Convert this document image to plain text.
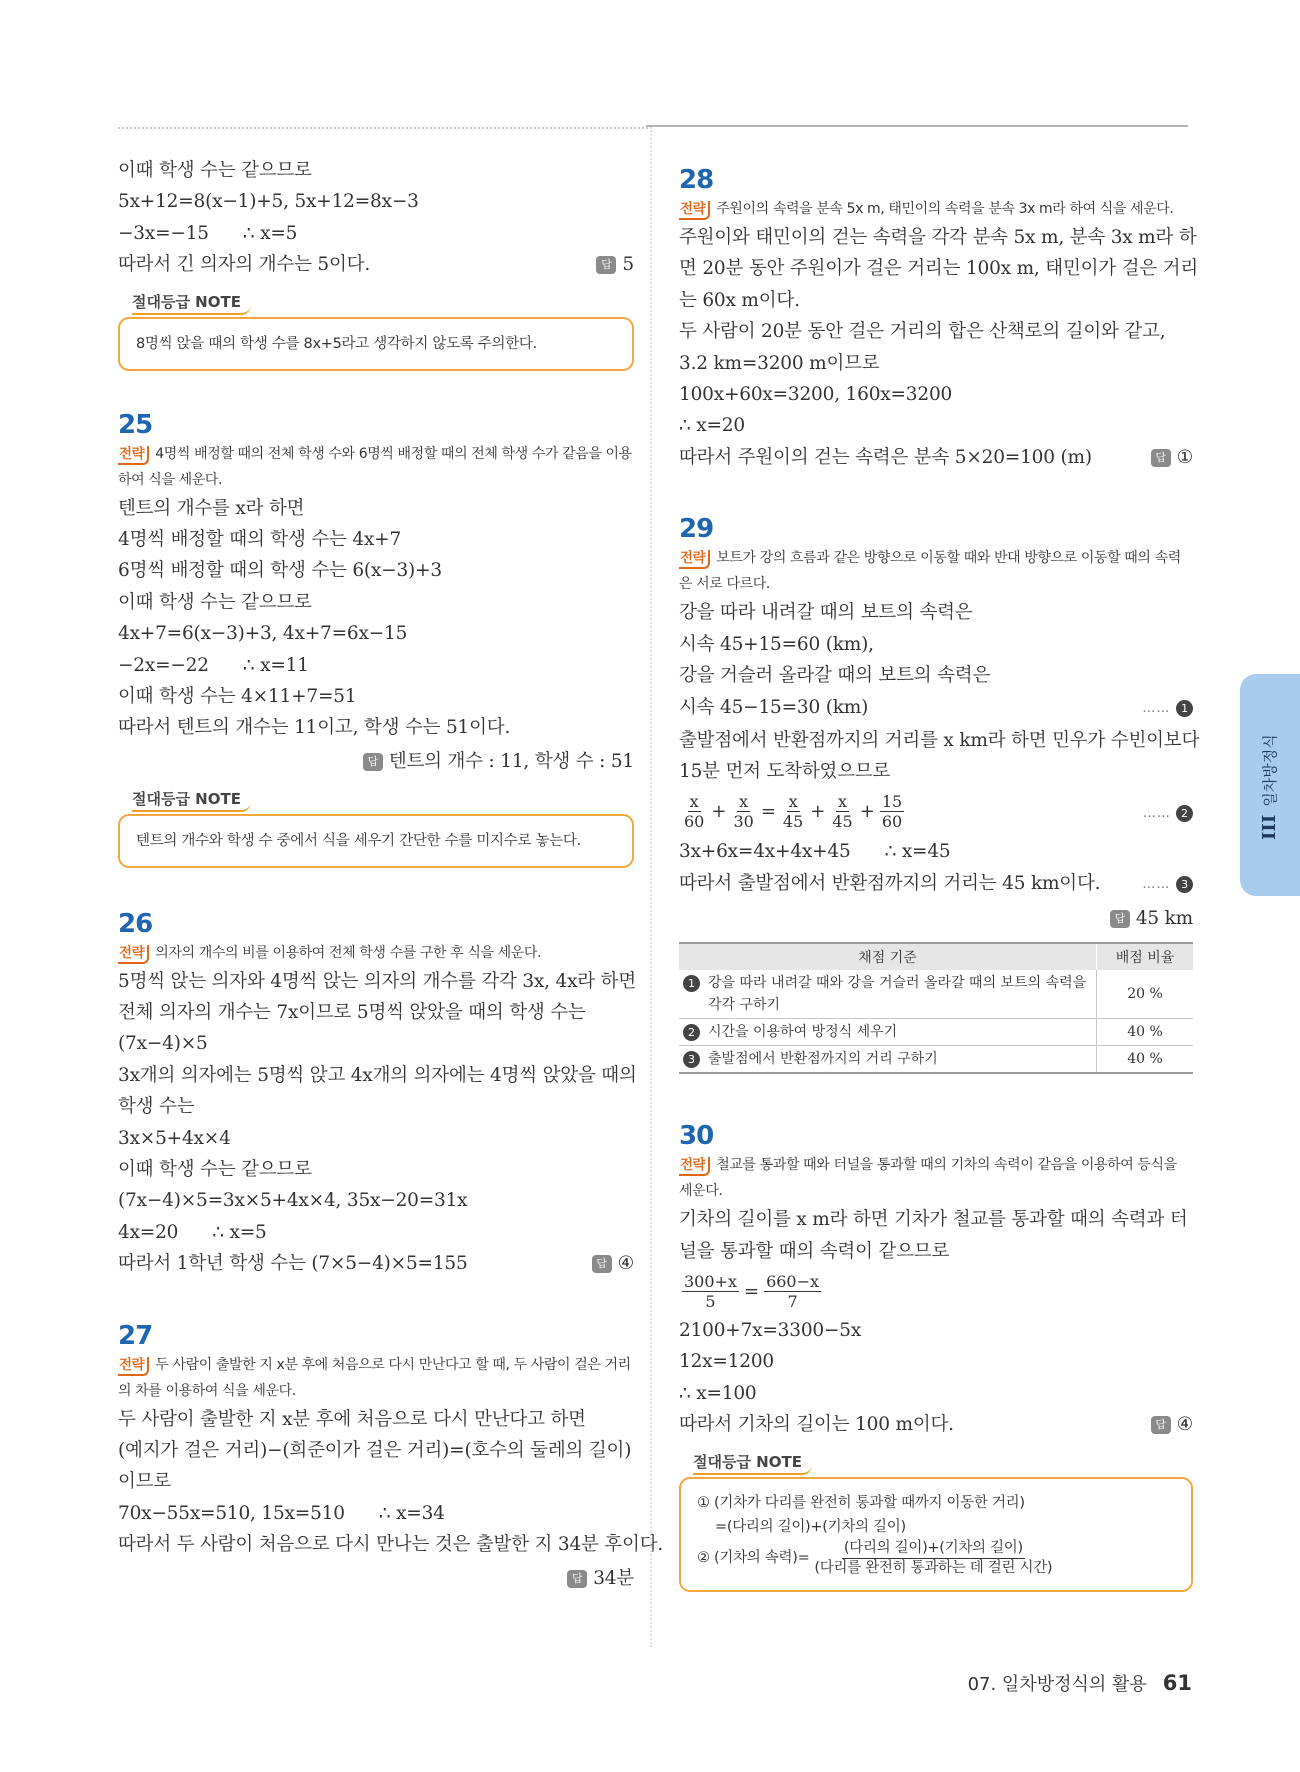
이때 학생 수는 같으므로
5x+12=8(x−1)+5, 5x+12=8x−3
−3x=−15 ∴ x=5
따라서 긴 의자의 개수는 5이다.	답 5
절대등급 NOTE
8명씩 앉을 때의 학생 수를 8x+5라고 생각하지 않도록 주의한다.
25
전략 4명씩 배정할 때의 전체 학생 수와 6명씩 배정할 때의 전체 학생 수가 같음을 이용하여 식을 세운다.
텐트의 개수를 x라 하면
4명씩 배정할 때의 학생 수는 4x+7
6명씩 배정할 때의 학생 수는 6(x−3)+3
이때 학생 수는 같으므로
4x+7=6(x−3)+3, 4x+7=6x−15
−2x=−22 ∴ x=11
이때 학생 수는 4×11+7=51
따라서 텐트의 개수는 11이고, 학생 수는 51이다.
답 텐트의 개수 : 11, 학생 수 : 51
절대등급 NOTE
텐트의 개수와 학생 수 중에서 식을 세우기 간단한 수를 미지수로 놓는다.
26
전략 의자의 개수의 비를 이용하여 전체 학생 수를 구한 후 식을 세운다.
5명씩 앉는 의자와 4명씩 앉는 의자의 개수를 각각 3x, 4x라 하면
전체 의자의 개수는 7x이므로 5명씩 앉았을 때의 학생 수는
(7x−4)×5
3x개의 의자에는 5명씩 앉고 4x개의 의자에는 4명씩 앉았을 때의
학생 수는
3x×5+4x×4
이때 학생 수는 같으므로
(7x−4)×5=3x×5+4x×4, 35x−20=31x
4x=20 ∴ x=5
따라서 1학년 학생 수는 (7×5−4)×5=155	답 ④
27
전략 두 사람이 출발한 지 x분 후에 처음으로 다시 만난다고 할 때, 두 사람이 걸은 거리의 차를 이용하여 식을 세운다.
두 사람이 출발한 지 x분 후에 처음으로 다시 만난다고 하면
(예지가 걸은 거리)−(희준이가 걸은 거리)=(호수의 둘레의 길이)
이므로
70x−55x=510, 15x=510 ∴ x=34
따라서 두 사람이 처음으로 다시 만나는 것은 출발한 지 34분 후이다.
답 34분
28
전략 주원이의 속력을 분속 5x m, 태민이의 속력을 분속 3x m라 하여 식을 세운다.
주원이와 태민이의 걷는 속력을 각각 분속 5x m, 분속 3x m라 하
면 20분 동안 주원이가 걸은 거리는 100x m, 태민이가 걸은 거리
는 60x m이다.
두 사람이 20분 동안 걸은 거리의 합은 산책로의 길이와 같고,
3.2 km=3200 m이므로
100x+60x=3200, 160x=3200
∴ x=20
따라서 주원이의 걷는 속력은 분속 5×20=100 (m)	답 ①
29
전략 보트가 강의 흐름과 같은 방향으로 이동할 때와 반대 방향으로 이동할 때의 속력은 서로 다르다.
강을 따라 내려갈 때의 보트의 속력은
시속 45+15=60 (km),
강을 거슬러 올라갈 때의 보트의 속력은
시속 45−15=30 (km)	…… 1
출발점에서 반환점까지의 거리를 x km라 하면 민우가 수빈이보다
15분 먼저 도착하였으므로
$\frac{x}{60} + \frac{x}{30} = \frac{x}{45} + \frac{x}{45} + \frac{15}{60}$	…… 2
3x+6x=4x+4x+45 ∴ x=45
따라서 출발점에서 반환점까지의 거리는 45 km이다.	…… 3
답 45 km
채점 기준	배점 비율

1 강을 따라 내려갈 때와 강을 거슬러 올라갈 때의 보트의 속력을 각각 구하기	20 %

2 시간을 이용하여 방정식 세우기	40 %

3 출발점에서 반환점까지의 거리 구하기	40 %
30
전략 철교를 통과할 때와 터널을 통과할 때의 기차의 속력이 같음을 이용하여 등식을 세운다.
기차의 길이를 x m라 하면 기차가 철교를 통과할 때의 속력과 터
널을 통과할 때의 속력이 같으므로
$\frac{300+x}{5} = \frac{660-x}{7}$
2100+7x=3300−5x
12x=1200
∴ x=100
따라서 기차의 길이는 100 m이다.	답 ④
절대등급 NOTE
① (기차가 다리를 완전히 통과할 때까지 이동한 거리)
=(다리의 길이)+(기차의 길이)
② (기차의 속력)= $\frac{\text{(다리의 길이)+(기차의 길이)}}{\text{(다리를 완전히 통과하는 데 걸린 시간)}}$
III일차방정식
07. 일차방정식의 활용 61
